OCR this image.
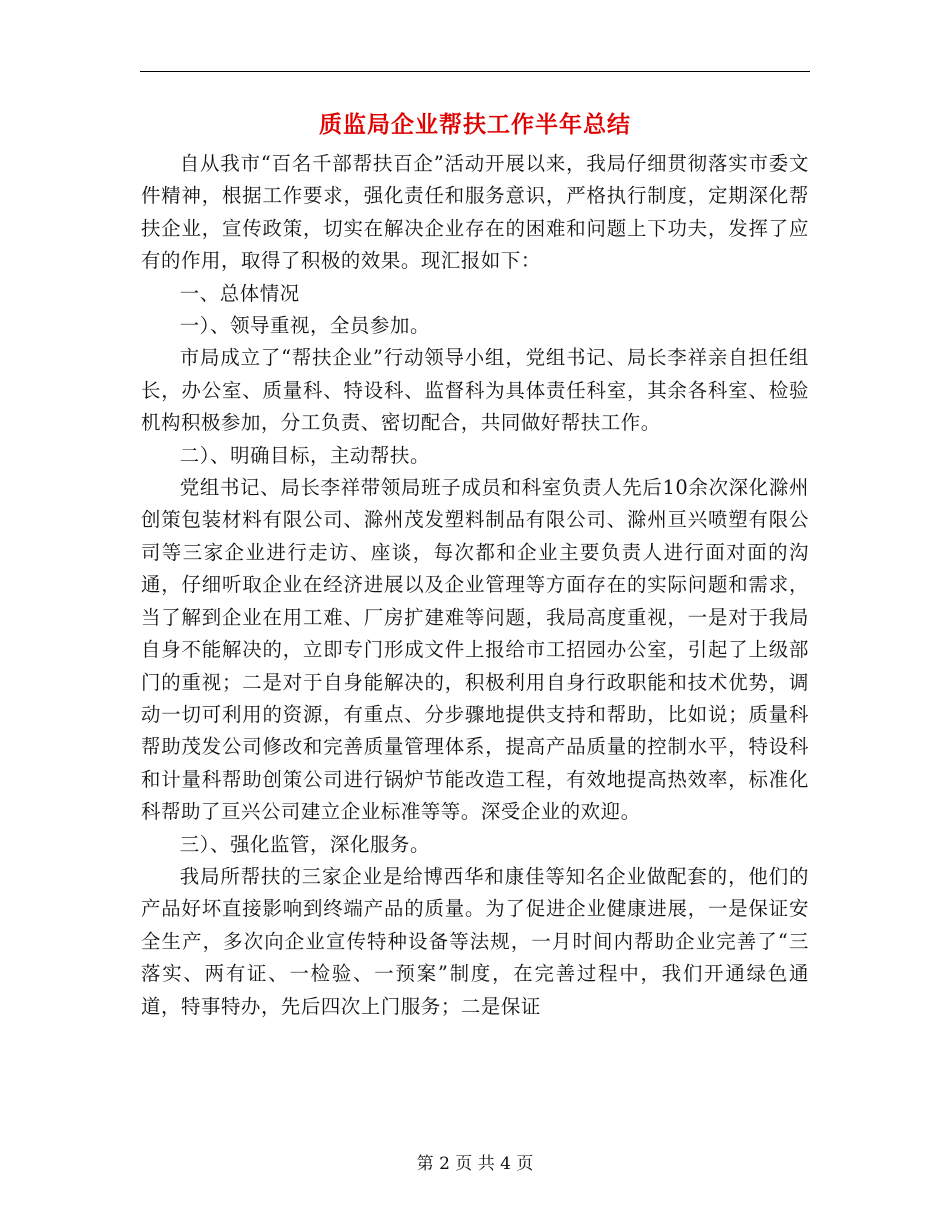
质监局企业帮扶工作半年总结

自从我市“百名千部帮扶百企”活动开展以来，我局仔细贯彻落实市委文件精神，根据工作要求，强化责任和服务意识，严格执行制度，定期深化帮扶企业，宣传政策，切实在解决企业存在的困难和问题上下功夫，发挥了应有的作用，取得了积极的效果。现汇报如下：

一、总体情况

一）、领导重视，全员参加。

市局成立了“帮扶企业”行动领导小组，党组书记、局长李祥亲自担任组长，办公室、质量科、特设科、监督科为具体责任科室，其余各科室、检验机构积极参加，分工负责、密切配合，共同做好帮扶工作。

二）、明确目标，主动帮扶。

党组书记、局长李祥带领局班子成员和科室负责人先后10余次深化滁州创策包装材料有限公司、滁州茂发塑料制品有限公司、滁州亘兴喷塑有限公司等三家企业进行走访、座谈，每次都和企业主要负责人进行面对面的沟通，仔细听取企业在经济进展以及企业管理等方面存在的实际问题和需求，当了解到企业在用工难、厂房扩建难等问题，我局高度重视，一是对于我局自身不能解决的，立即专门形成文件上报给市工招园办公室，引起了上级部门的重视；二是对于自身能解决的，积极利用自身行政职能和技术优势，调动一切可利用的资源，有重点、分步骤地提供支持和帮助，比如说；质量科帮助茂发公司修改和完善质量管理体系，提高产品质量的控制水平，特设科和计量科帮助创策公司进行锅炉节能改造工程，有效地提高热效率，标准化科帮助了亘兴公司建立企业标准等等。深受企业的欢迎。

三）、强化监管，深化服务。

我局所帮扶的三家企业是给博西华和康佳等知名企业做配套的，他们的产品好坏直接影响到终端产品的质量。为了促进企业健康进展，一是保证安全生产，多次向企业宣传特种设备等法规，一月时间内帮助企业完善了“三落实、两有证、一检验、一预案”制度，在完善过程中，我们开通绿色通道，特事特办，先后四次上门服务；二是保证

第 2 页 共 4 页
